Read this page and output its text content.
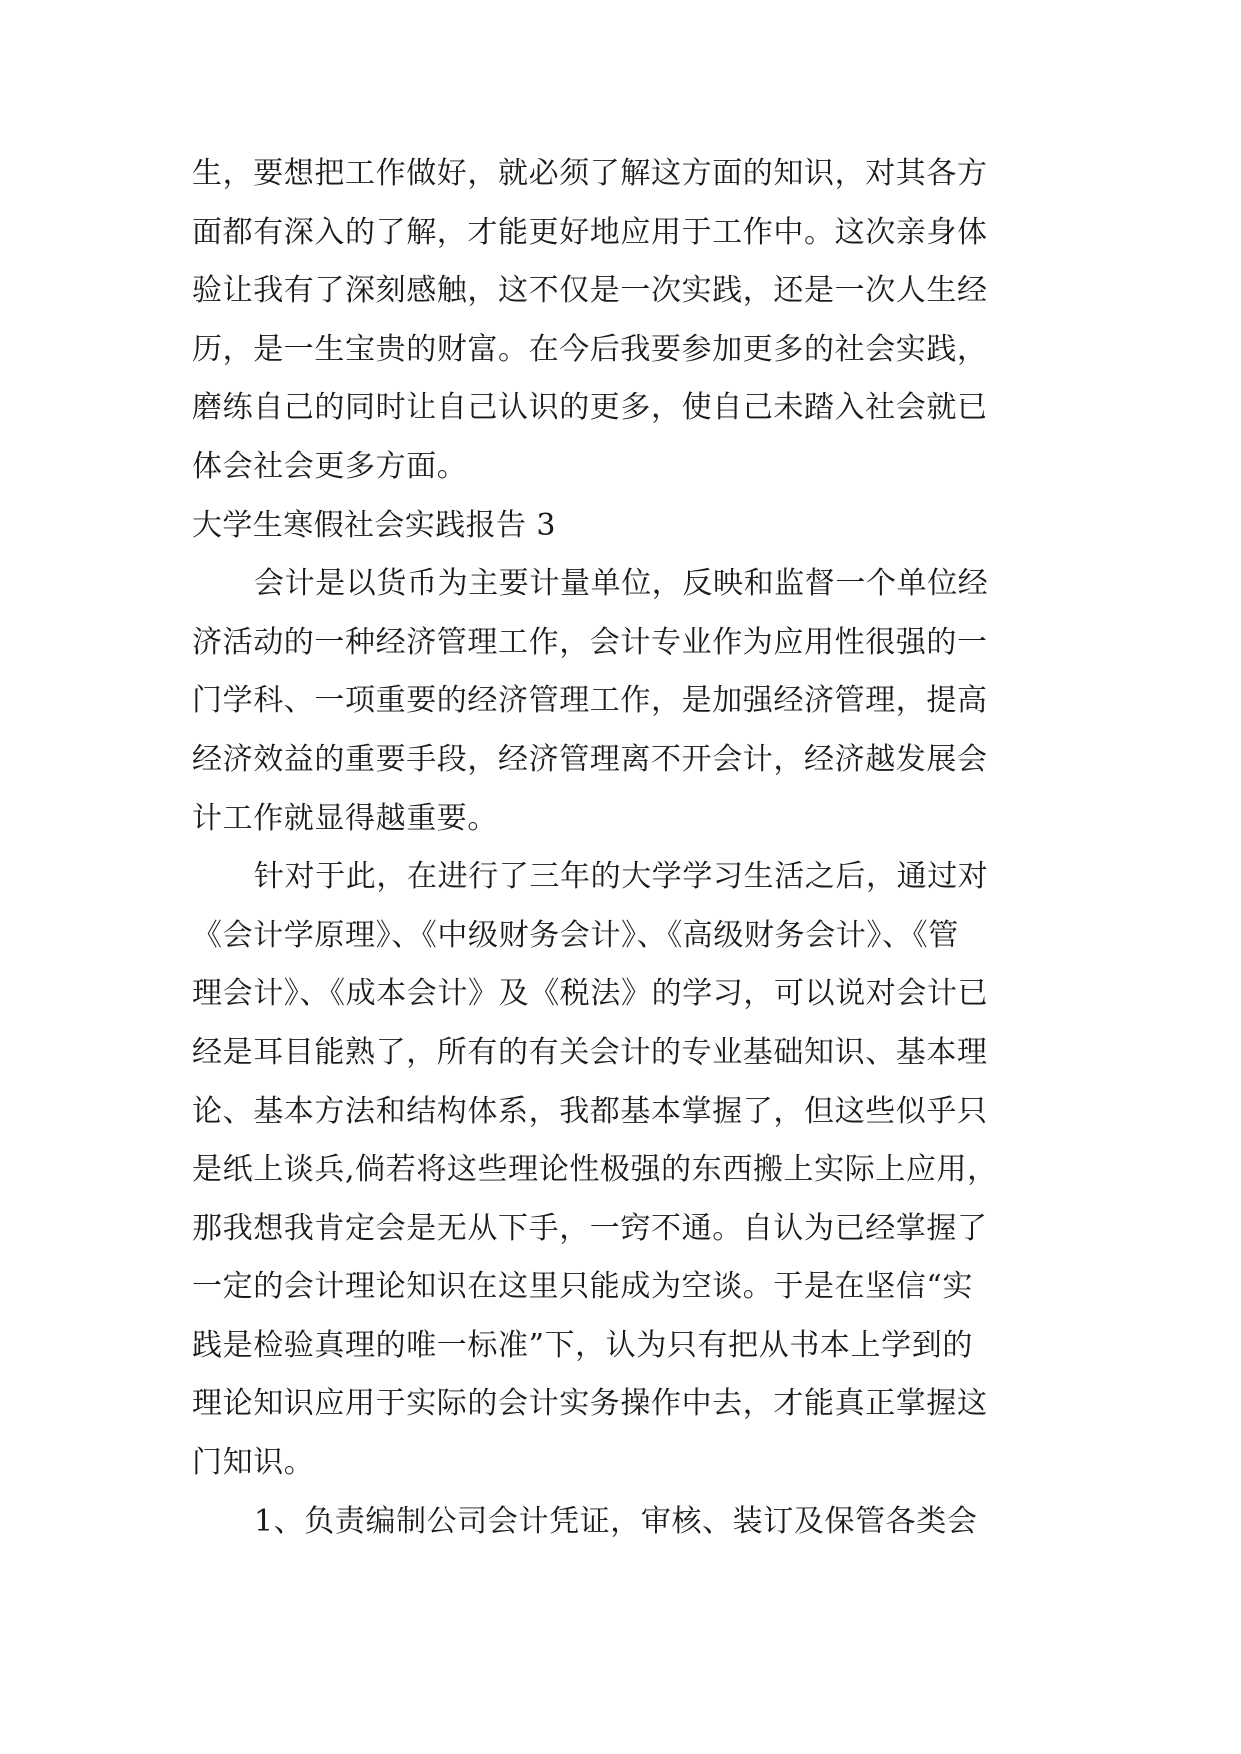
生，要想把工作做好，就必须了解这方面的知识，对其各方
面都有深入的了解，才能更好地应用于工作中。这次亲身体
验让我有了深刻感触，这不仅是一次实践，还是一次人生经
历，是一生宝贵的财富。在今后我要参加更多的社会实践，
磨练自己的同时让自己认识的更多，使自己未踏入社会就已
体会社会更多方面。
大学生寒假社会实践报告 3
会计是以货币为主要计量单位，反映和监督一个单位经
济活动的一种经济管理工作，会计专业作为应用性很强的一
门学科、一项重要的经济管理工作，是加强经济管理，提高
经济效益的重要手段，经济管理离不开会计，经济越发展会
计工作就显得越重要。
针对于此，在进行了三年的大学学习生活之后，通过对
《会计学原理》、《中级财务会计》、《高级财务会计》、《管
理会计》、《成本会计》及《税法》的学习，可以说对会计已
经是耳目能熟了，所有的有关会计的专业基础知识、基本理
论、基本方法和结构体系，我都基本掌握了，但这些似乎只
是纸上谈兵,倘若将这些理论性极强的东西搬上实际上应用，
那我想我肯定会是无从下手，一窍不通。自认为已经掌握了
一定的会计理论知识在这里只能成为空谈。于是在坚信“实
践是检验真理的唯一标准”下，认为只有把从书本上学到的
理论知识应用于实际的会计实务操作中去，才能真正掌握这
门知识。
1、负责编制公司会计凭证，审核、装订及保管各类会
